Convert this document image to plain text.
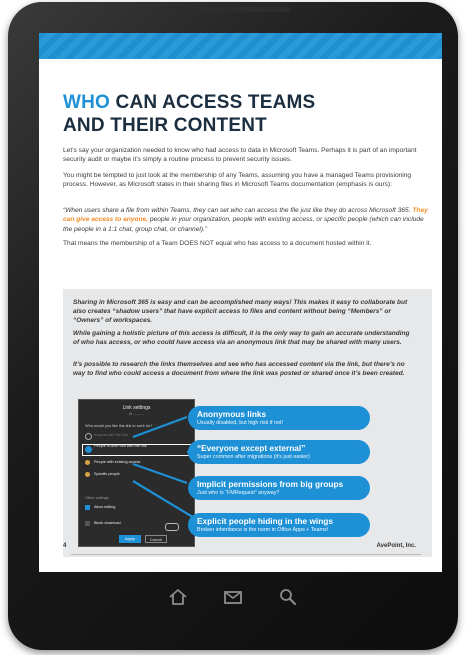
WHO CAN ACCESS TEAMS
AND THEIR CONTENT
Let’s say your organization needed to know who had access to data in Microsoft Teams. Perhaps it is part of an important security audit or maybe it’s simply a routine process to prevent security issues.
You might be tempted to just look at the membership of any Teams, assuming you have a managed Teams provisioning process. However, as Microsoft states in their sharing files in Microsoft Teams documentation (emphasis is ours):
“When users share a file from within Teams, they can set who can access the file just like they do across Microsoft 365. They can give access to anyone, people in your organization, people with existing access, or specific people (which can include the people in a 1:1 chat, group chat, or channel).”
That means the membership of a Team DOES NOT equal who has access to a document hosted within it.
Sharing in Microsoft 365 is easy and can be accomplished many ways! This makes it easy to collaborate but also creates “shadow users” that have explicit access to files and content without being “Members” or “Owners” of workspaces.
While gaining a holistic picture of this access is difficult, it is the only way to gain an accurate understanding of who has access, or who could have access via an anonymous link that may be shared with many users.
It’s possible to research the links themselves and see who has accessed content via the link, but there’s no way to find who could access a document from where the link was posted or shared once it’s been created.
Link settings
✉ ... ........
Who would you like this link to work for?
Anyone with the link
People in AvePoint with the link
People with existing access
Specific people
Other settings
Allow editing
Block download
Apply	Cancel
Anonymous links
Usually disabled, but high risk if not!
“Everyone except external”
Super common after migrations (it’s just easier)
Implicit permissions from big groups
Just who is “FMRequest” anyway?
Explicit people hiding in the wings
Broken inheritance is the norm in Office Apps + Teams!
4	AvePoint, Inc.
